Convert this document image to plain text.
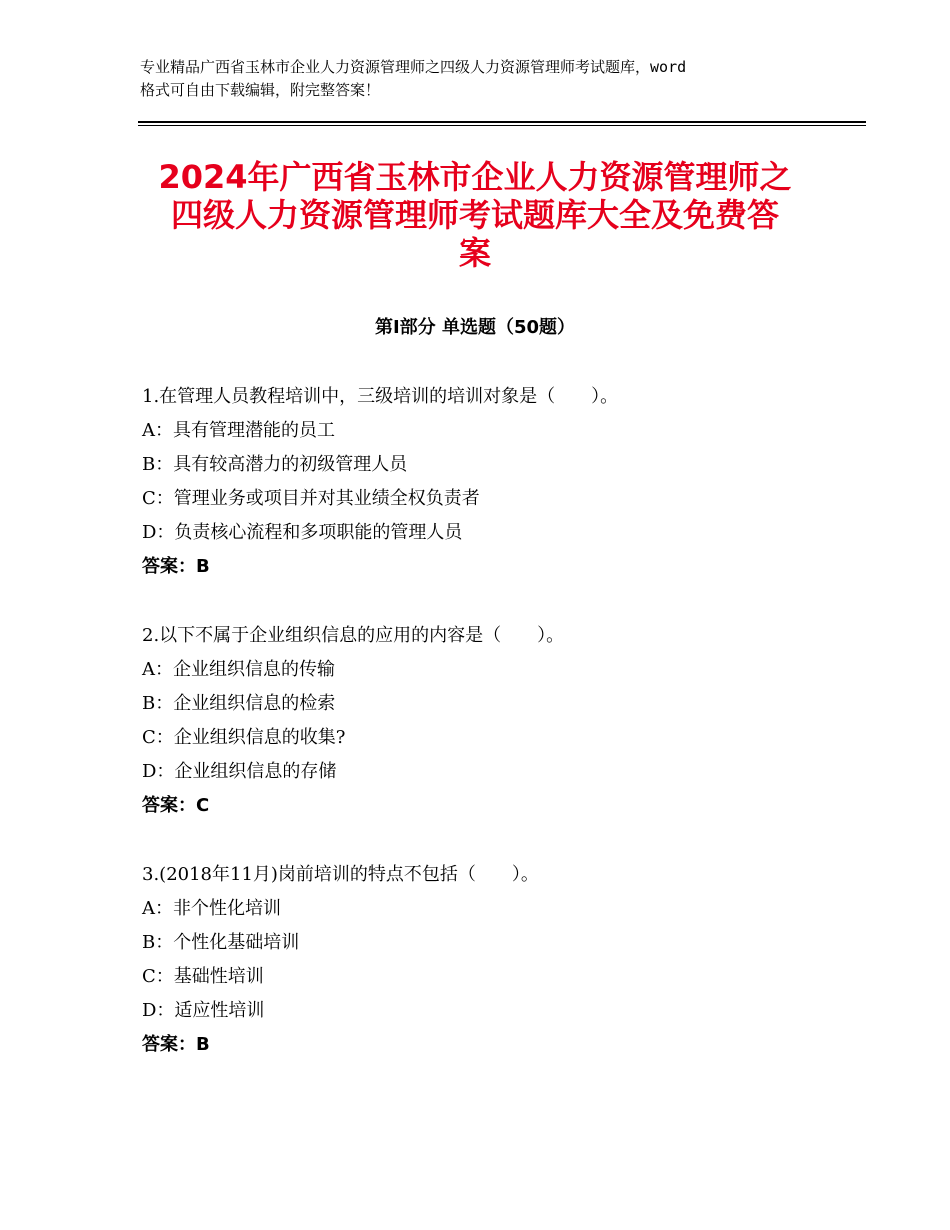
专业精品广西省玉林市企业人力资源管理师之四级人力资源管理师考试题库，word
格式可自由下载编辑，附完整答案！
2024年广西省玉林市企业人力资源管理师之
四级人力资源管理师考试题库大全及免费答
案
第Ⅰ部分 单选题（50题）
1.在管理人员教程培训中，三级培训的培训对象是（　　）。
A：具有管理潜能的员工
B：具有较高潜力的初级管理人员
C：管理业务或项目并对其业绩全权负责者
D：负责核心流程和多项职能的管理人员
答案：B
2.以下不属于企业组织信息的应用的内容是（　　）。
A：企业组织信息的传输
B：企业组织信息的检索
C：企业组织信息的收集?
D：企业组织信息的存储
答案：C
3.(2018年11月)岗前培训的特点不包括（　　）。
A：非个性化培训
B：个性化基础培训
C：基础性培训
D：适应性培训
答案：B
